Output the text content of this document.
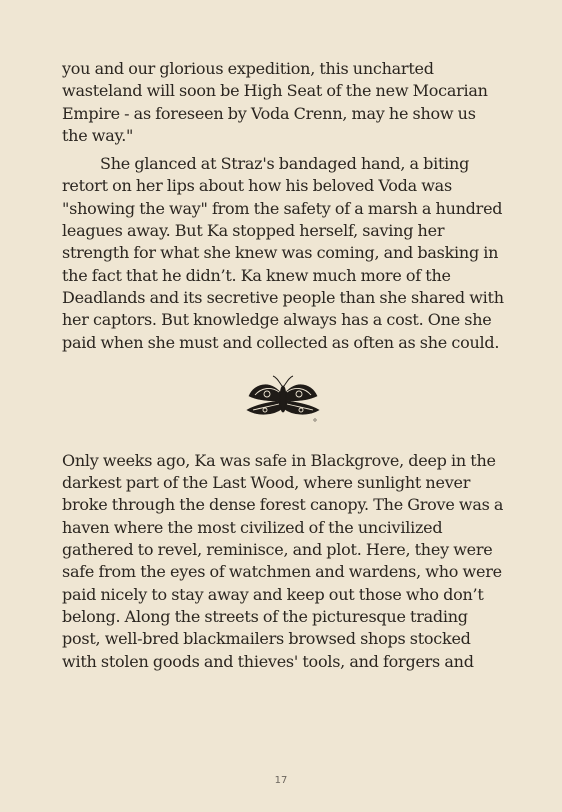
you and our glorious expedition, this uncharted wasteland will soon be High Seat of the new Mocarian Empire - as foreseen by Voda Crenn, may he show us the way."

She glanced at Straz's bandaged hand, a biting retort on her lips about how his beloved Voda was "showing the way" from the safety of a marsh a hundred leagues away. But Ka stopped herself, saving her strength for what she knew was coming, and basking in the fact that he didn’t. Ka knew much more of the Deadlands and its secretive people than she shared with her captors. But knowledge always has a cost. One she paid when she must and collected as often as she could.

Only weeks ago, Ka was safe in Blackgrove, deep in the darkest part of the Last Wood, where sunlight never broke through the dense forest canopy. The Grove was a haven where the most civilized of the uncivilized gathered to revel, reminisce, and plot. Here, they were safe from the eyes of watchmen and wardens, who were paid nicely to stay away and keep out those who don’t belong. Along the streets of the picturesque trading post, well-bred blackmailers browsed shops stocked with stolen goods and thieves' tools, and forgers and

17
